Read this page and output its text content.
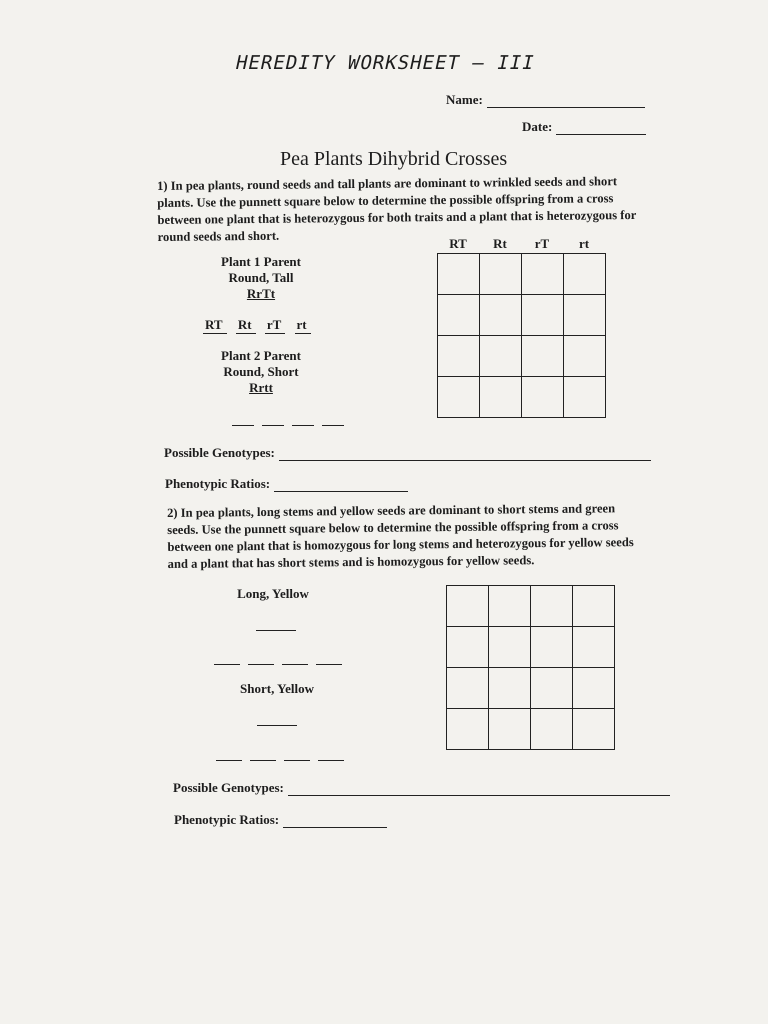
HEREDITY WORKSHEET – III
Name:
Date:
Pea Plants Dihybrid Crosses
1) In pea plants, round seeds and tall plants are dominant to wrinkled seeds and short
plants. Use the punnett square below to determine the possible offspring from a cross
between one plant that is heterozygous for both traits and a plant that is heterozygous for
round seeds and short.	RT	Rt	rT	rt
Plant 1 Parent
Round, Tall
RrTt
RT Rt rT rt
Plant 2 Parent
Round, Short
Rrtt
Possible Genotypes:
Phenotypic Ratios:
2) In pea plants, long stems and yellow seeds are dominant to short stems and green
seeds. Use the punnett square below to determine the possible offspring from a cross
between one plant that is homozygous for long stems and heterozygous for yellow seeds
and a plant that has short stems and is homozygous for yellow seeds.
Long, Yellow
Short, Yellow
Possible Genotypes:
Phenotypic Ratios:
